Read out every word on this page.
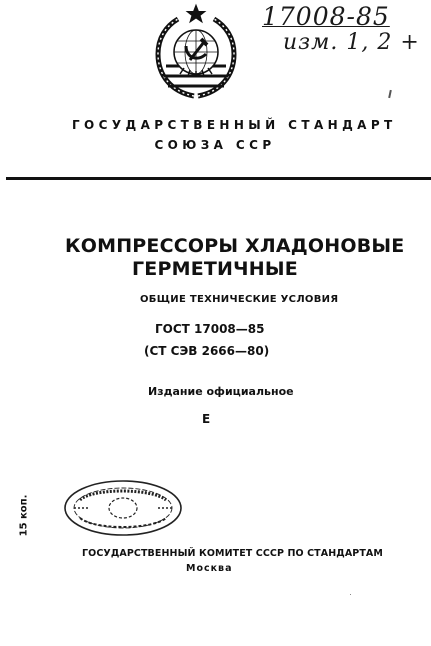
17008-85
изм. 1, 2 +
ГОСУДАРСТВЕННЫЙ СТАНДАРТ
СОЮЗА ССР
КОМПРЕССОРЫ ХЛАДОНОВЫЕ
ГЕРМЕТИЧНЫЕ
ОБЩИЕ ТЕХНИЧЕСКИЕ УСЛОВИЯ
ГОСТ 17008—85
(СТ СЭВ 2666—80)
Издание официальное
Е
15 коп.
ГОСУДАРСТВЕННЫЙ КОМИТЕТ СССР ПО СТАНДАРТАМ
Москва
